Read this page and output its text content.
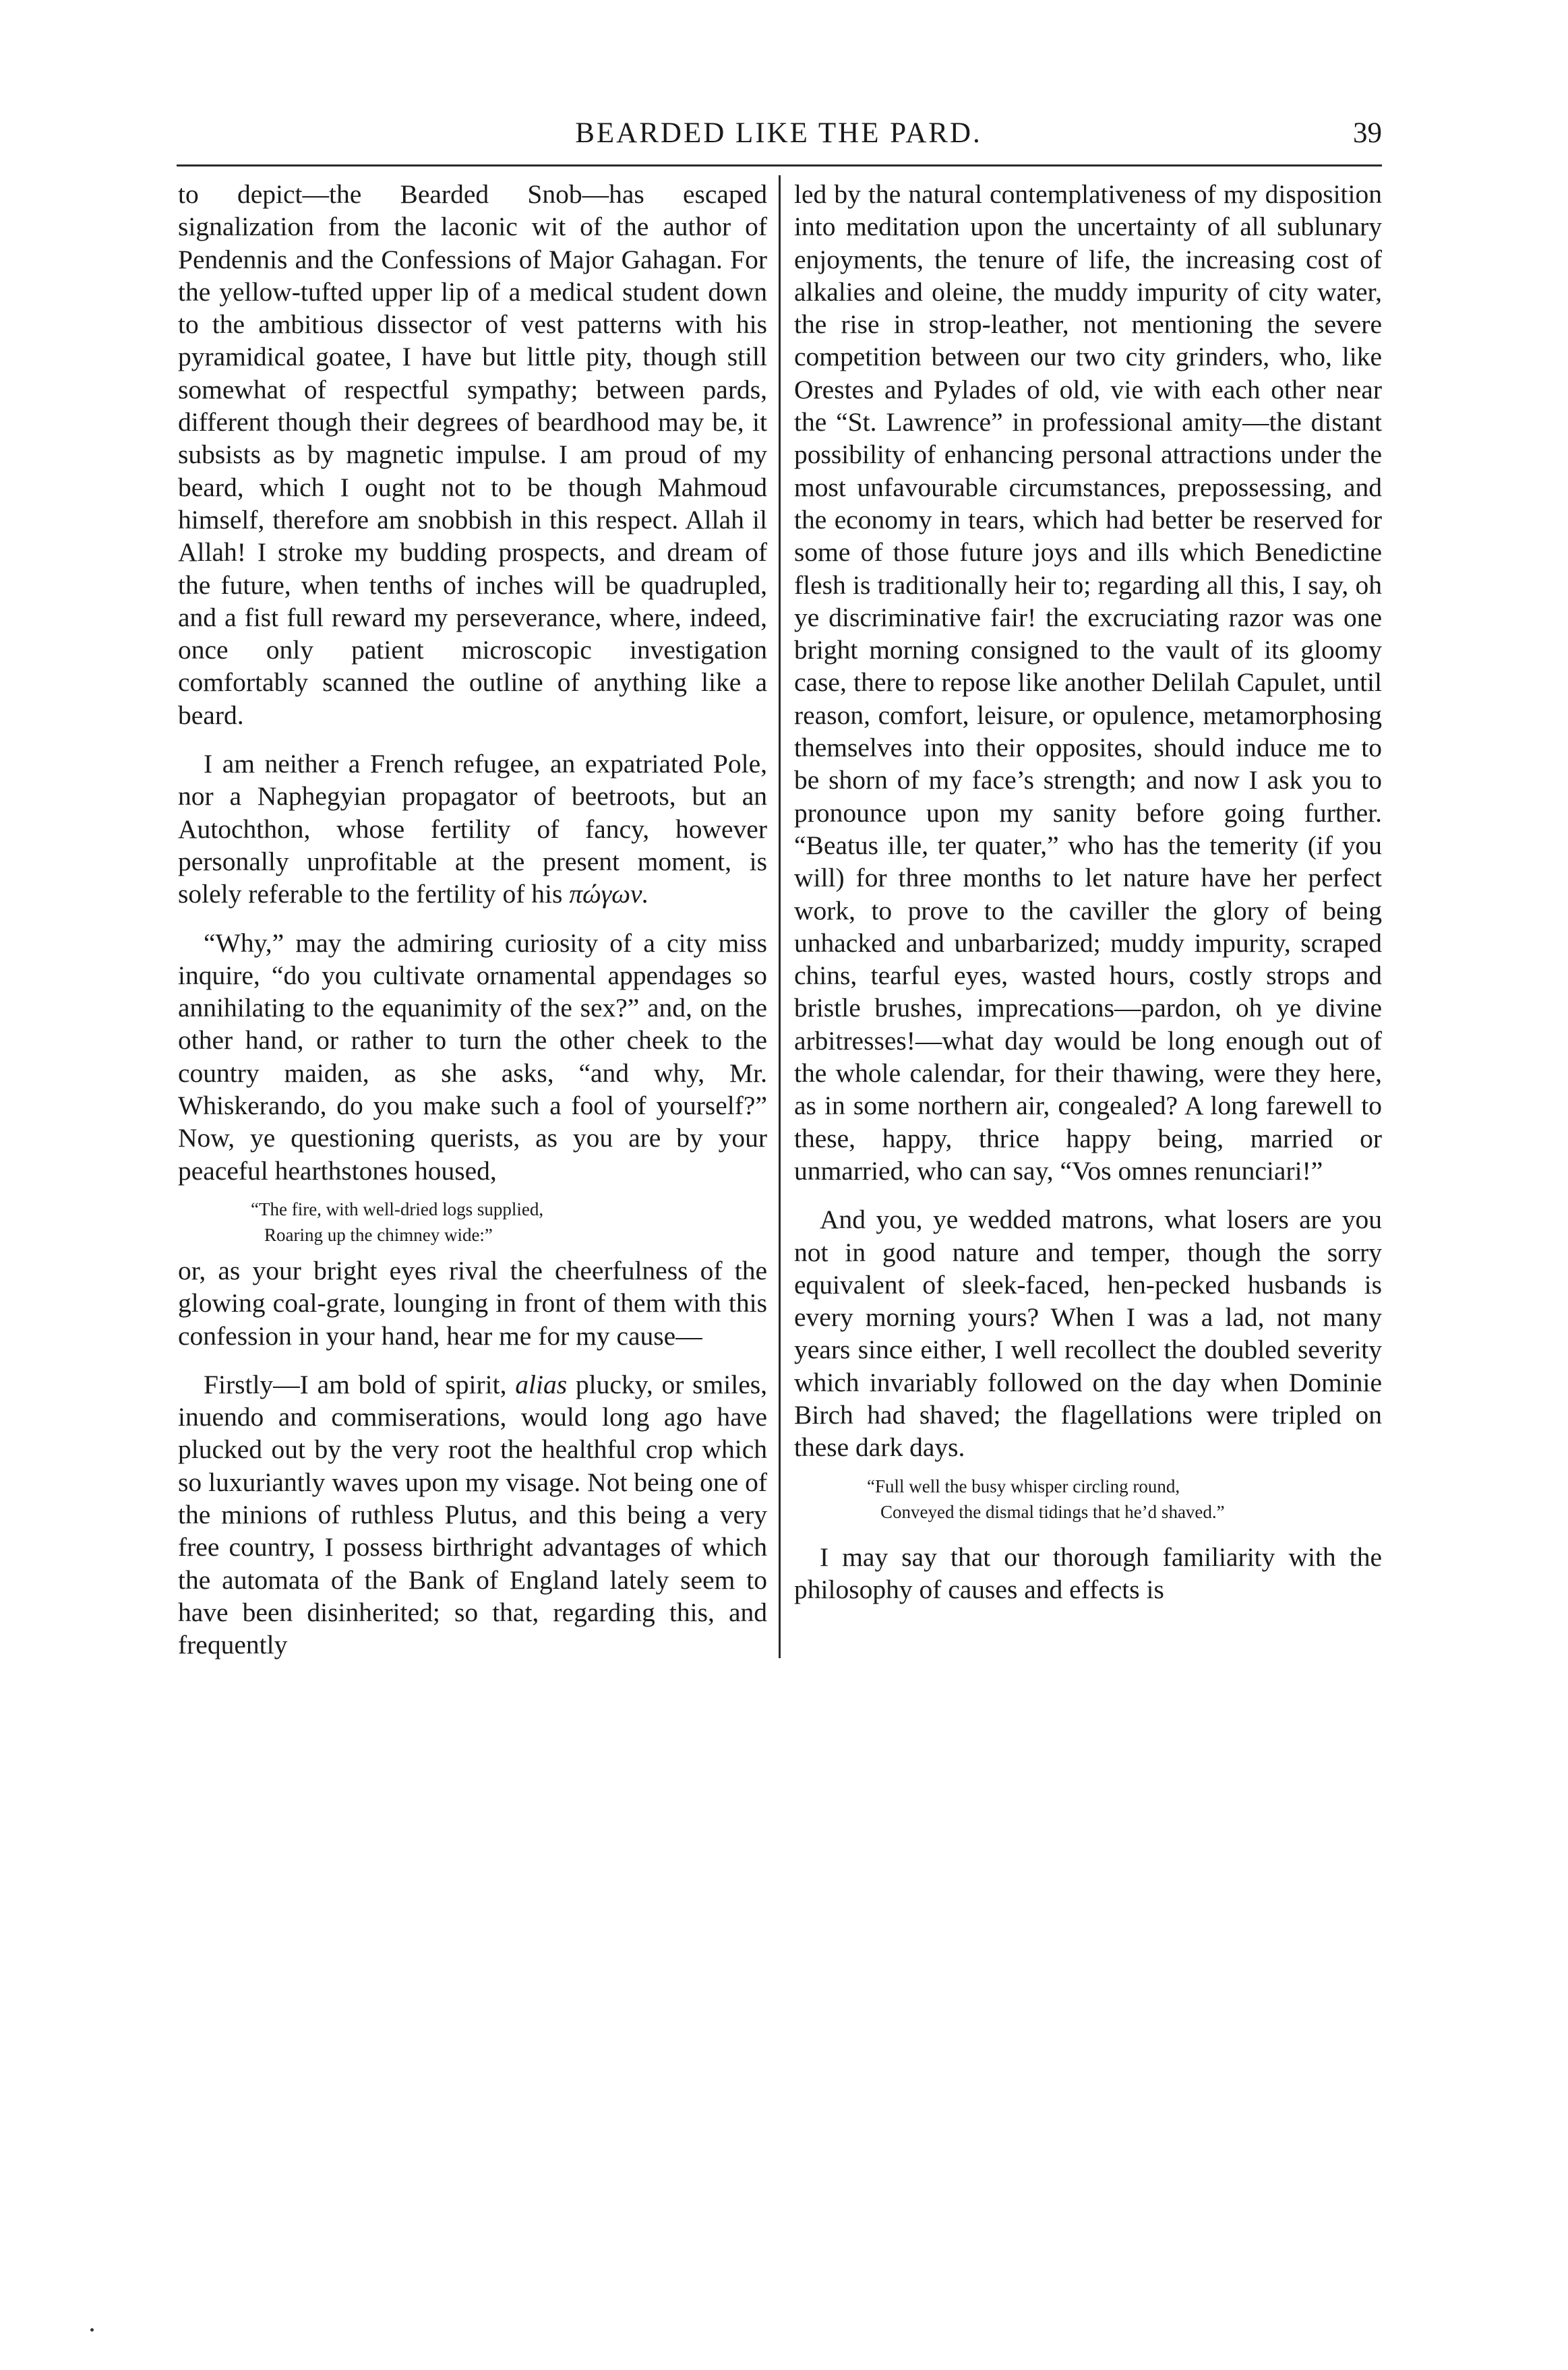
BEARDED LIKE THE PARD.	39

to depict—the Bearded Snob—has escaped signalization from the laconic wit of the author of Pendennis and the Confessions of Major Gahagan. For the yellow-tufted upper lip of a medical student down to the ambitious dissector of vest patterns with his pyramidical goatee, I have but little pity, though still somewhat of respectful sympathy; between pards, different though their degrees of beardhood may be, it subsists as by magnetic impulse. I am proud of my beard, which I ought not to be though Mahmoud himself, therefore am snobbish in this respect. Allah il Allah! I stroke my budding prospects, and dream of the future, when tenths of inches will be quadrupled, and a fist full reward my perseverance, where, indeed, once only patient microscopic investigation comfortably scanned the outline of anything like a beard.

I am neither a French refugee, an expatriated Pole, nor a Naphegyian propagator of beetroots, but an Autochthon, whose fertility of fancy, however personally unprofitable at the present moment, is solely referable to the fertility of his πώγων.

“Why,” may the admiring curiosity of a city miss inquire, “do you cultivate ornamental appendages so annihilating to the equanimity of the sex?” and, on the other hand, or rather to turn the other cheek to the country maiden, as she asks, “and why, Mr. Whiskerando, do you make such a fool of yourself?” Now, ye questioning querists, as you are by your peaceful hearthstones housed,

“The fire, with well-dried logs supplied,
Roaring up the chimney wide:”

or, as your bright eyes rival the cheerfulness of the glowing coal-grate, lounging in front of them with this confession in your hand, hear me for my cause—

Firstly—I am bold of spirit, alias plucky, or smiles, inuendo and commiserations, would long ago have plucked out by the very root the healthful crop which so luxuriantly waves upon my visage. Not being one of the minions of ruthless Plutus, and this being a very free country, I possess birthright advantages of which the automata of the Bank of England lately seem to have been disinherited; so that, regarding this, and frequently

led by the natural contemplativeness of my disposition into meditation upon the uncertainty of all sublunary enjoyments, the tenure of life, the increasing cost of alkalies and oleine, the muddy impurity of city water, the rise in strop-leather, not mentioning the severe competition between our two city grinders, who, like Orestes and Pylades of old, vie with each other near the “St. Lawrence” in professional amity—the distant possibility of enhancing personal attractions under the most unfavourable circumstances, prepossessing, and the economy in tears, which had better be reserved for some of those future joys and ills which Benedictine flesh is traditionally heir to; regarding all this, I say, oh ye discriminative fair! the excruciating razor was one bright morning consigned to the vault of its gloomy case, there to repose like another Delilah Capulet, until reason, comfort, leisure, or opulence, metamorphosing themselves into their opposites, should induce me to be shorn of my face’s strength; and now I ask you to pronounce upon my sanity before going further. “Beatus ille, ter quater,” who has the temerity (if you will) for three months to let nature have her perfect work, to prove to the caviller the glory of being unhacked and unbarbarized; muddy impurity, scraped chins, tearful eyes, wasted hours, costly strops and bristle brushes, imprecations—pardon, oh ye divine arbitresses!—what day would be long enough out of the whole calendar, for their thawing, were they here, as in some northern air, congealed? A long farewell to these, happy, thrice happy being, married or unmarried, who can say, “Vos omnes renunciari!”

And you, ye wedded matrons, what losers are you not in good nature and temper, though the sorry equivalent of sleek-faced, hen-pecked husbands is every morning yours? When I was a lad, not many years since either, I well recollect the doubled severity which invariably followed on the day when Dominie Birch had shaved; the flagellations were tripled on these dark days.

“Full well the busy whisper circling round,
Conveyed the dismal tidings that he’d shaved.”

I may say that our thorough familiarity with the philosophy of causes and effects is
